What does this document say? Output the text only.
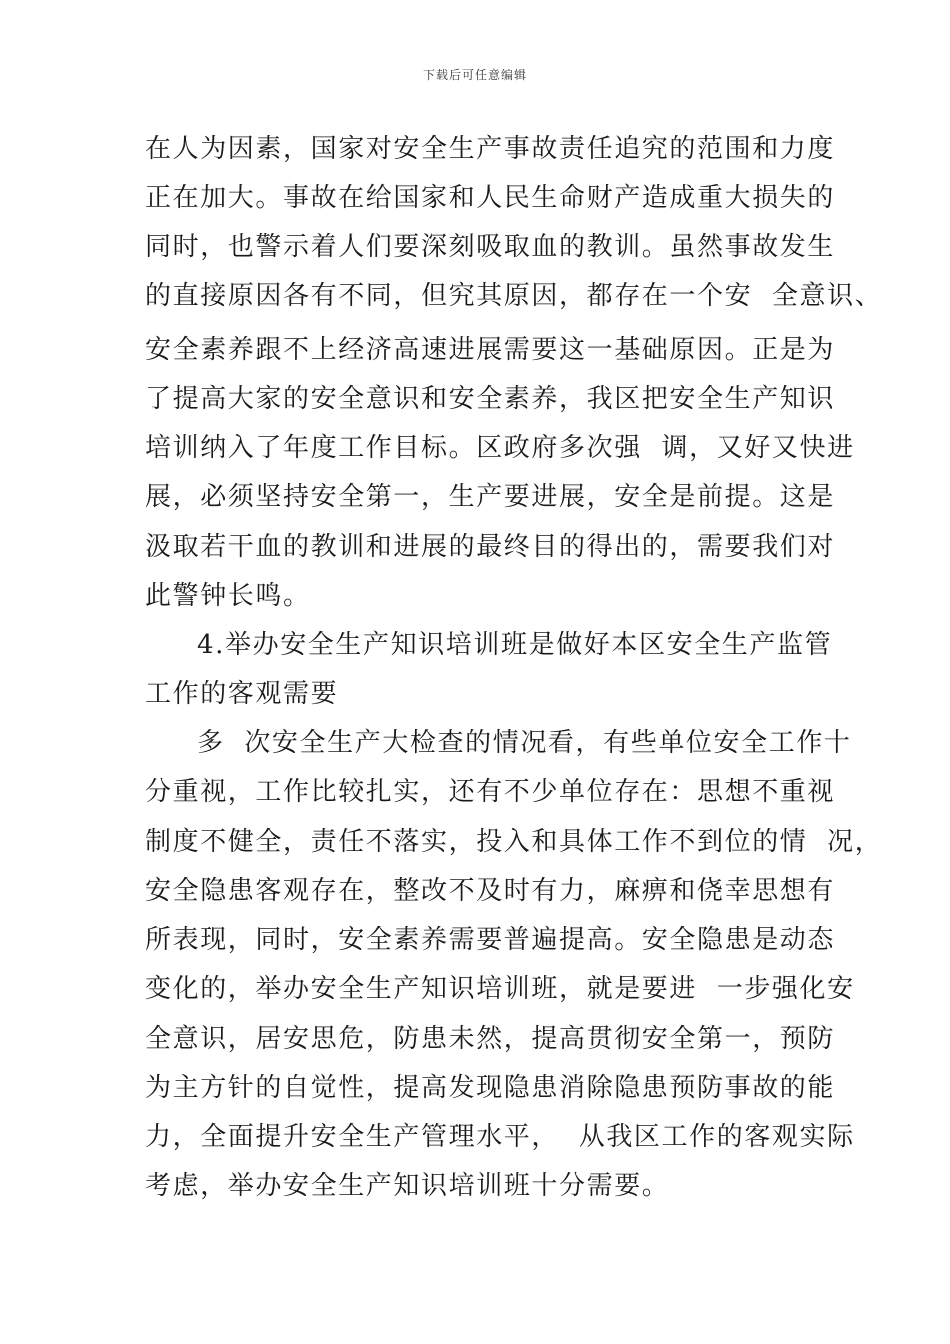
下载后可任意编辑
在人为因素，国家对安全生产事故责任追究的范围和力度
正在加大。事故在给国家和人民生命财产造成重大损失的
同时，也警示着人们要深刻吸取血的教训。虽然事故发生
的直接原因各有不同，但究其原因，都存在一个安  全意识、
安全素养跟不上经济高速进展需要这一基础原因。正是为
了提高大家的安全意识和安全素养，我区把安全生产知识
培训纳入了年度工作目标。区政府多次强  调，又好又快进
展，必须坚持安全第一，生产要进展，安全是前提。这是
汲取若干血的教训和进展的最终目的得出的，需要我们对
此警钟长鸣。
4.举办安全生产知识培训班是做好本区安全生产监管
工作的客观需要
多  次安全生产大检查的情况看，有些单位安全工作十
分重视，工作比较扎实，还有不少单位存在：思想不重视
制度不健全，责任不落实，投入和具体工作不到位的情  况，
安全隐患客观存在，整改不及时有力，麻痹和侥幸思想有
所表现，同时，安全素养需要普遍提高。安全隐患是动态
变化的，举办安全生产知识培训班，就是要进  一步强化安
全意识，居安思危，防患未然，提高贯彻安全第一，预防
为主方针的自觉性，提高发现隐患消除隐患预防事故的能
力，全面提升安全生产管理水平，  从我区工作的客观实际
考虑，举办安全生产知识培训班十分需要。
